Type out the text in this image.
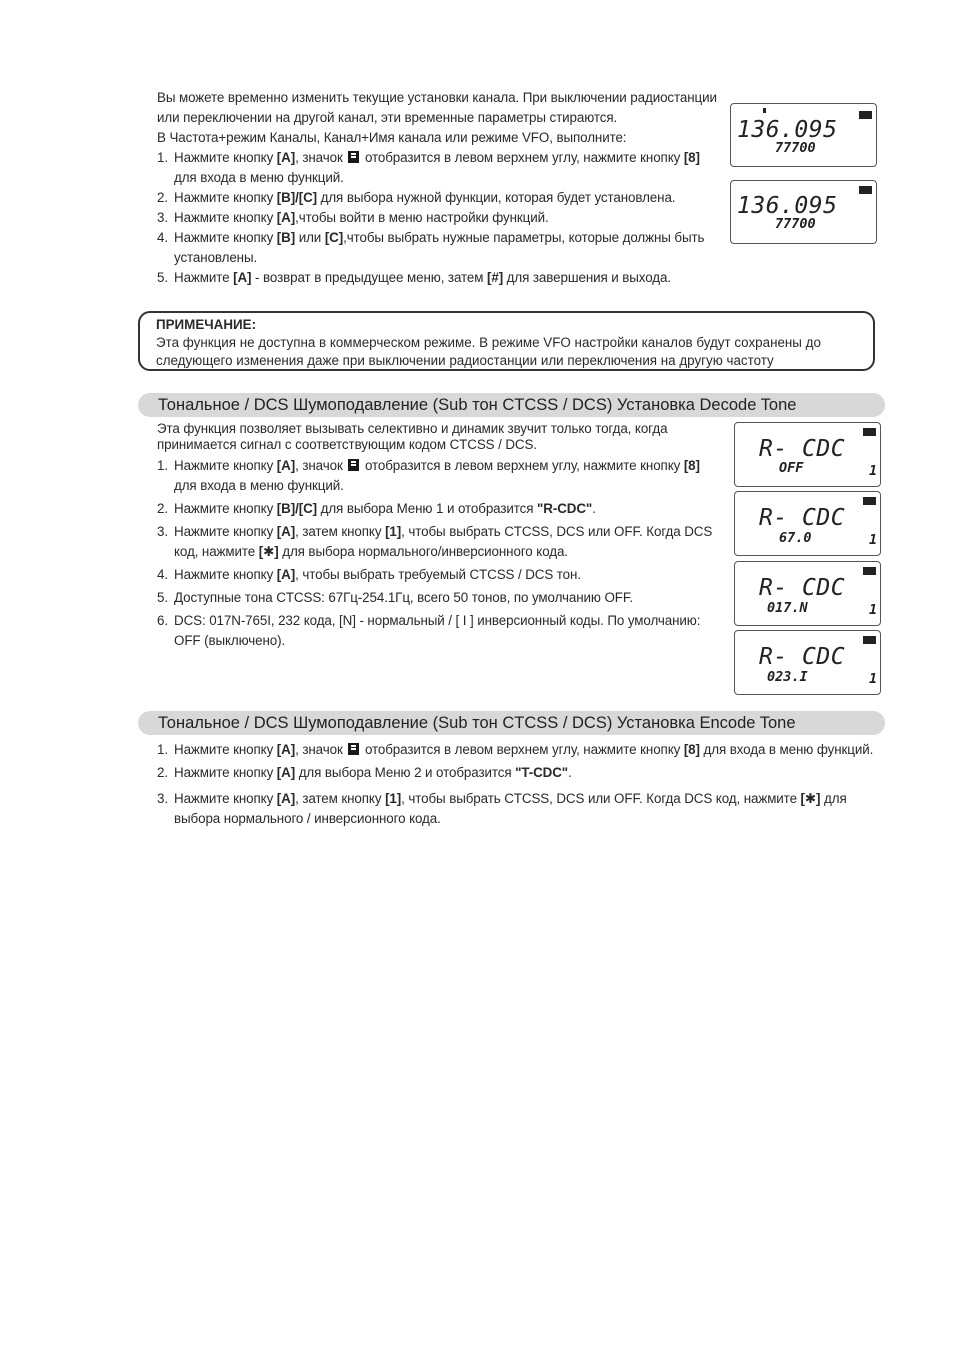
Вы можете временно изменить текущие установки канала. При выключении радиостанции или переключении на другой канал, эти временные параметры стираются.

В Частота+режим Каналы, Канал+Имя канала или режиме VFO, выполните:

1. Нажмите кнопку [A], значок  отобразится в левом верхнем углу, нажмите кнопку [8] для входа в меню функций.
2. Нажмите кнопку [B]/[C] для выбора нужной функции, которая будет установлена.
3. Нажмите кнопку [A],чтобы войти в меню настройки функций.
4. Нажмите кнопку [B] или [C],чтобы выбрать нужные параметры, которые должны быть установлены.
5. Нажмите [A] - возврат в предыдущее меню, затем [#] для завершения и выхода.
136.095
77700
136.095
77700
ПРИМЕЧАНИЕ:
Эта функция не доступна в коммерческом режиме. В режиме VFO настройки каналов будут сохранены до следующего изменения даже при выключении радиостанции или переключения на другую частоту
Тональное / DCS Шумоподавление (Sub тон CTCSS / DCS) Установка Decode Tone

Эта функция позволяет вызывать селективно и динамик звучит только тогда, когда принимается сигнал с соответствующим кодом CTCSS / DCS.

1. Нажмите кнопку [A], значок  отобразится в левом верхнем углу, нажмите кнопку [8] для входа в меню функций.
2. Нажмите кнопку [B]/[C] для выбора Меню 1 и отобразится "R-CDC".
3. Нажмите кнопку [A], затем кнопку [1], чтобы выбрать CTCSS, DCS или OFF. Когда DCS код, нажмите [✱] для выбора нормального/инверсионного кода.
4. Нажмите кнопку [A], чтобы выбрать требуемый CTCSS / DCS тон.
5. Доступные тона CTCSS: 67Гц-254.1Гц, всего 50 тонов, по умолчанию OFF.
6. DCS: 017N-765I, 232 кода, [N] - нормальный / [ I ] инверсионный коды. По умолчанию: OFF (выключено).
R- CDC
OFF	1
R- CDC
67.0	1
R- CDC
017.N	1
R- CDC
023.I	1
Тональное / DCS Шумоподавление (Sub тон CTCSS / DCS) Установка Encode Tone
1. Нажмите кнопку [A], значок  отобразится в левом верхнем углу, нажмите кнопку [8] для входа в меню функций.
2. Нажмите кнопку [A] для выбора Меню 2 и отобразится "T-CDC".
3. Нажмите кнопку [A], затем кнопку [1], чтобы выбрать CTCSS, DCS или OFF. Когда DCS код, нажмите [✱] для выбора нормального / инверсионного кода.
